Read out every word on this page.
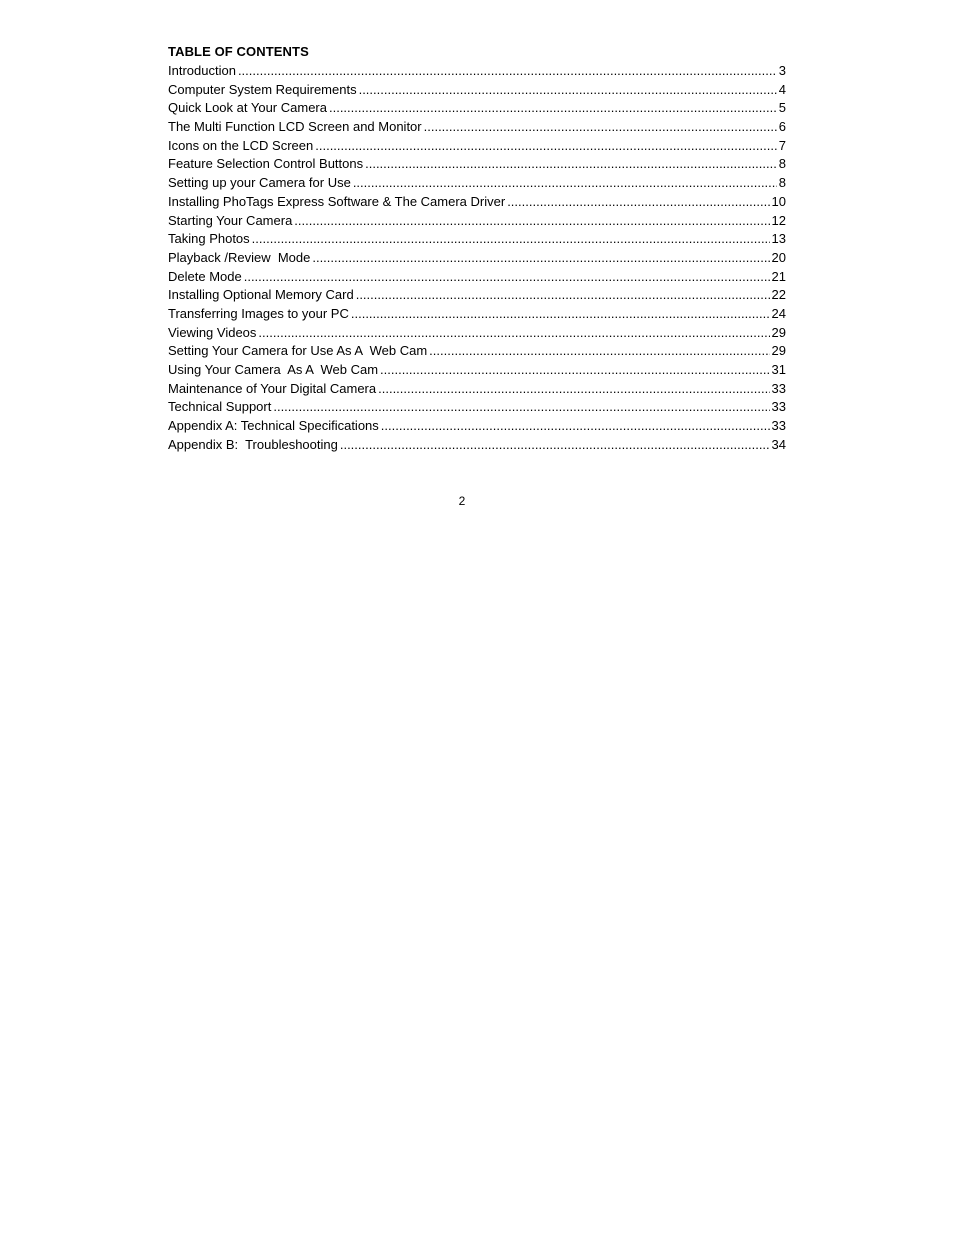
TABLE OF CONTENTS
Introduction .....	3
Computer System Requirements .....	4
Quick Look at Your Camera .....	5
The Multi Function LCD Screen and Monitor .....	6
Icons on the LCD Screen .....	7
Feature Selection Control Buttons .....	8
Setting up your Camera for Use .....	8
Installing PhoTags Express Software & The Camera Driver .....	10
Starting Your Camera .....	12
Taking Photos .....	13
Playback /Review  Mode .....	20
Delete Mode .....	21
Installing Optional Memory Card .....	22
Transferring Images to your PC .....	24
Viewing Videos .....	29
Setting Your Camera for Use As A  Web Cam .....	29
Using Your Camera  As A  Web Cam .....	31
Maintenance of Your Digital Camera .....	33
Technical Support .....	33
Appendix A: Technical Specifications .....	33
Appendix B:  Troubleshooting .....	34
2
